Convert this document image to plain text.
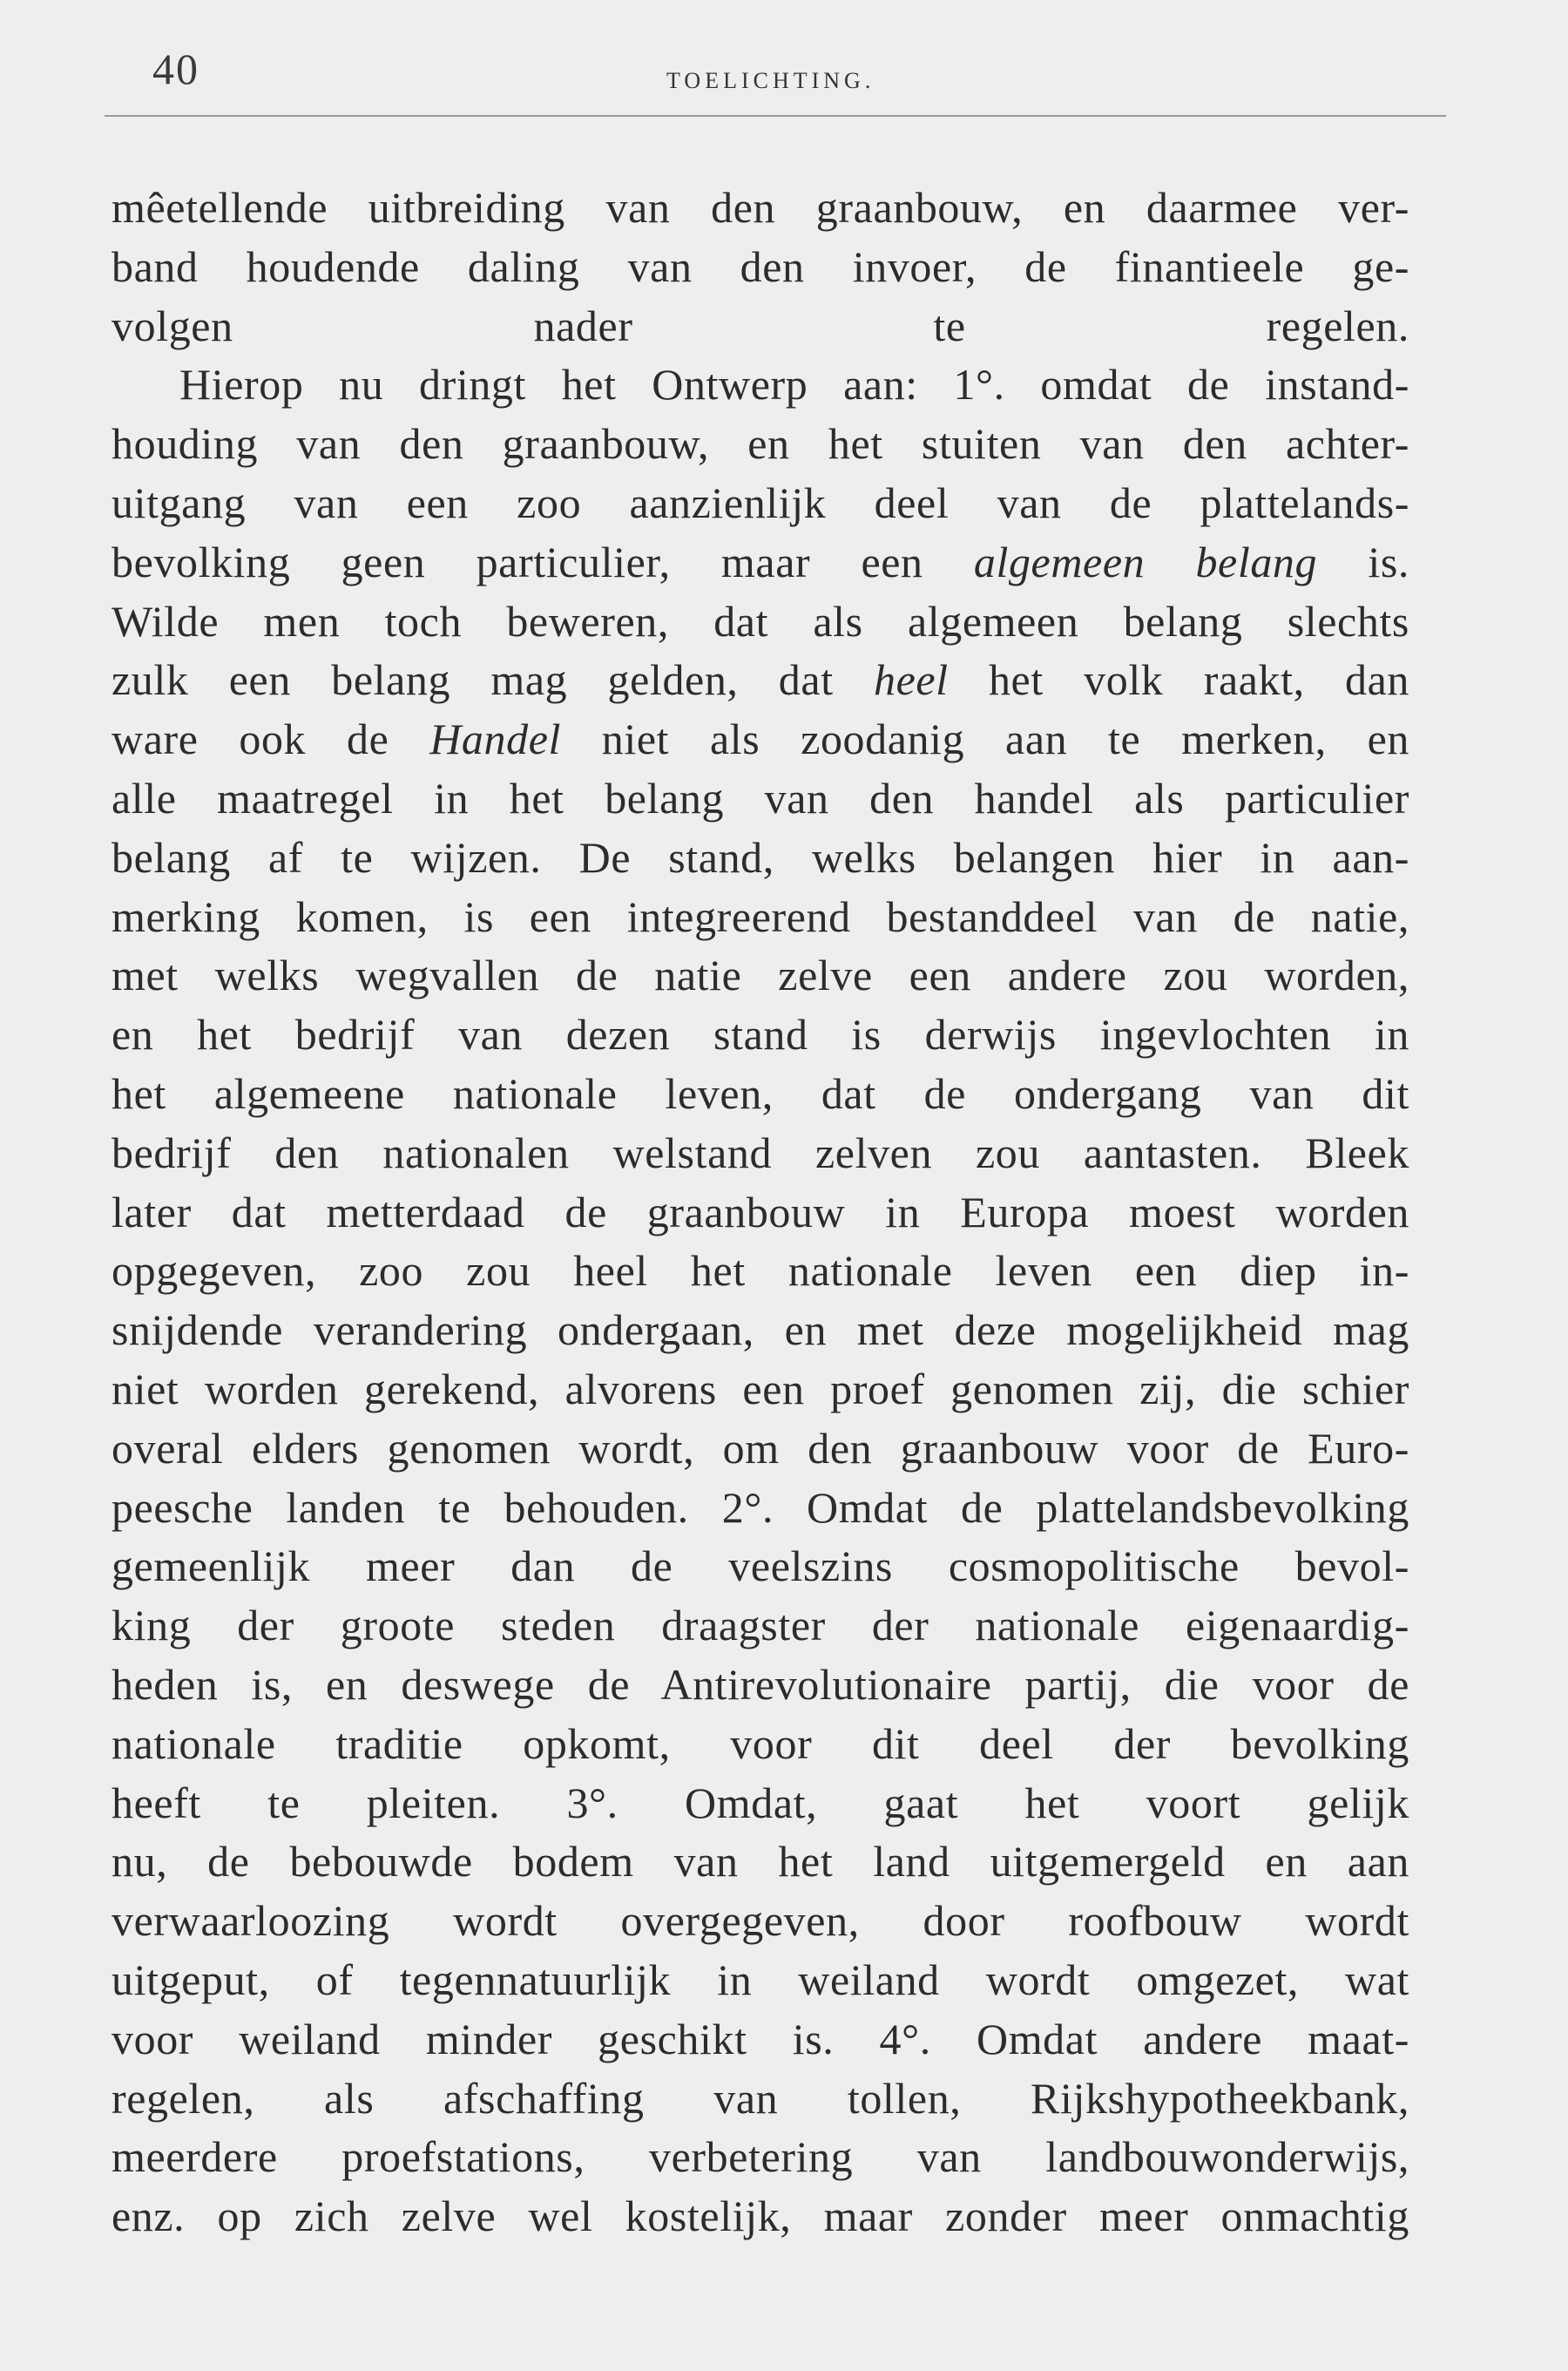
40	TOELICHTING.
mêetellende uitbreiding van den graanbouw, en daarmee ver-
band houdende daling van den invoer, de finantieele ge-
volgen nader te regelen.
Hierop nu dringt het Ontwerp aan: 1°. omdat de instand-
houding van den graanbouw, en het stuiten van den achter-
uitgang van een zoo aanzienlijk deel van de plattelands-
bevolking geen particulier, maar een algemeen belang is.
Wilde men toch beweren, dat als algemeen belang slechts
zulk een belang mag gelden, dat heel het volk raakt, dan
ware ook de Handel niet als zoodanig aan te merken, en
alle maatregel in het belang van den handel als particulier
belang af te wijzen. De stand, welks belangen hier in aan-
merking komen, is een integreerend bestanddeel van de natie,
met welks wegvallen de natie zelve een andere zou worden,
en het bedrijf van dezen stand is derwijs ingevlochten in
het algemeene nationale leven, dat de ondergang van dit
bedrijf den nationalen welstand zelven zou aantasten. Bleek
later dat metterdaad de graanbouw in Europa moest worden
opgegeven, zoo zou heel het nationale leven een diep in-
snijdende verandering ondergaan, en met deze mogelijkheid mag
niet worden gerekend, alvorens een proef genomen zij, die schier
overal elders genomen wordt, om den graanbouw voor de Euro-
peesche landen te behouden. 2°. Omdat de plattelandsbevolking
gemeenlijk meer dan de veelszins cosmopolitische bevol-
king der groote steden draagster der nationale eigenaardig-
heden is, en deswege de Antirevolutionaire partij, die voor de
nationale traditie opkomt, voor dit deel der bevolking
heeft te pleiten. 3°. Omdat, gaat het voort gelijk
nu, de bebouwde bodem van het land uitgemergeld en aan
verwaarloozing wordt overgegeven, door roofbouw wordt
uitgeput, of tegennatuurlijk in weiland wordt omgezet, wat
voor weiland minder geschikt is. 4°. Omdat andere maat-
regelen, als afschaffing van tollen, Rijkshypotheekbank,
meerdere proefstations, verbetering van landbouwonderwijs,
enz. op zich zelve wel kostelijk, maar zonder meer onmachtig
